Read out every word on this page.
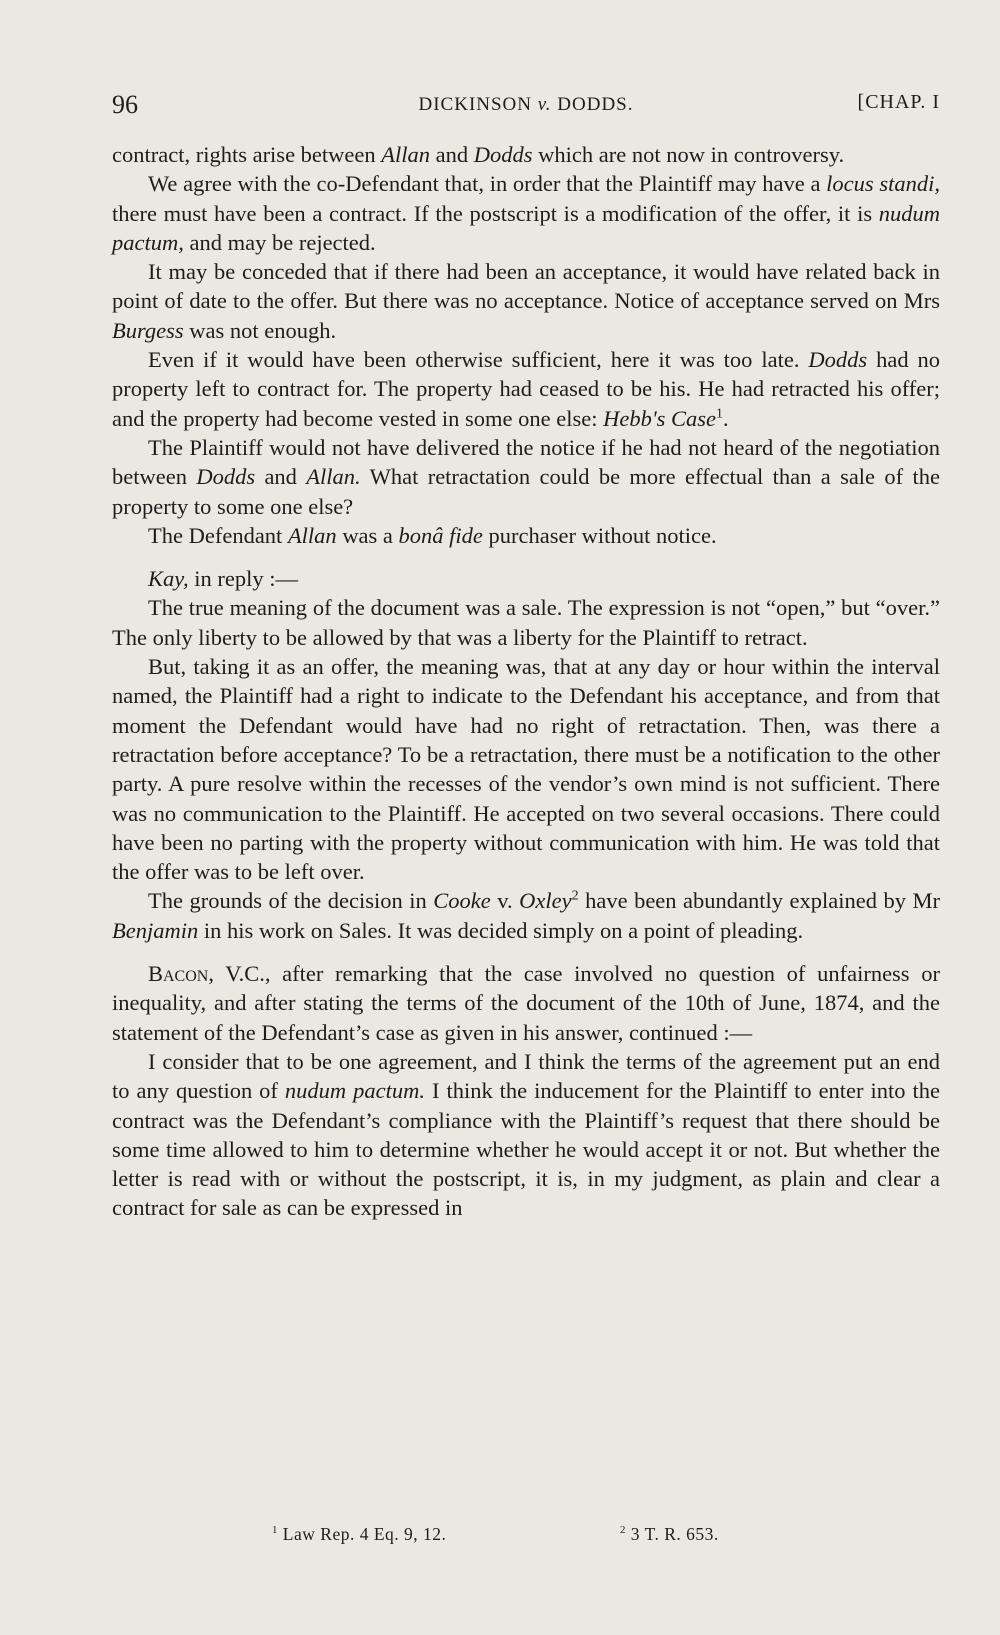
96	DICKINSON v. DODDS.	[CHAP. I

contract, rights arise between Allan and Dodds which are not now in controversy.

We agree with the co-Defendant that, in order that the Plaintiff may have a locus standi, there must have been a contract. If the postscript is a modification of the offer, it is nudum pactum, and may be rejected.

It may be conceded that if there had been an acceptance, it would have related back in point of date to the offer. But there was no acceptance. Notice of acceptance served on Mrs Burgess was not enough.

Even if it would have been otherwise sufficient, here it was too late. Dodds had no property left to contract for. The property had ceased to be his. He had retracted his offer; and the property had become vested in some one else: Hebb's Case$^1$.

The Plaintiff would not have delivered the notice if he had not heard of the negotiation between Dodds and Allan. What retractation could be more effectual than a sale of the property to some one else?

The Defendant Allan was a bonâ fide purchaser without notice.

Kay, in reply :—

The true meaning of the document was a sale. The expression is not “open,” but “over.” The only liberty to be allowed by that was a liberty for the Plaintiff to retract.

But, taking it as an offer, the meaning was, that at any day or hour within the interval named, the Plaintiff had a right to indicate to the Defendant his acceptance, and from that moment the Defendant would have had no right of retractation. Then, was there a retractation before acceptance? To be a retractation, there must be a notification to the other party. A pure resolve within the recesses of the vendor’s own mind is not sufficient. There was no communication to the Plaintiff. He accepted on two several occasions. There could have been no parting with the property without communication with him. He was told that the offer was to be left over.

The grounds of the decision in Cooke v. Oxley$^2$ have been abundantly explained by Mr Benjamin in his work on Sales. It was decided simply on a point of pleading.

Bacon, V.C., after remarking that the case involved no question of unfairness or inequality, and after stating the terms of the document of the 10th of June, 1874, and the statement of the Defendant’s case as given in his answer, continued :—

I consider that to be one agreement, and I think the terms of the agreement put an end to any question of nudum pactum. I think the inducement for the Plaintiff to enter into the contract was the Defendant’s compliance with the Plaintiff’s request that there should be some time allowed to him to determine whether he would accept it or not. But whether the letter is read with or without the postscript, it is, in my judgment, as plain and clear a contract for sale as can be expressed in

$^1$ Law Rep. 4 Eq. 9, 12.	$^2$ 3 T. R. 653.
